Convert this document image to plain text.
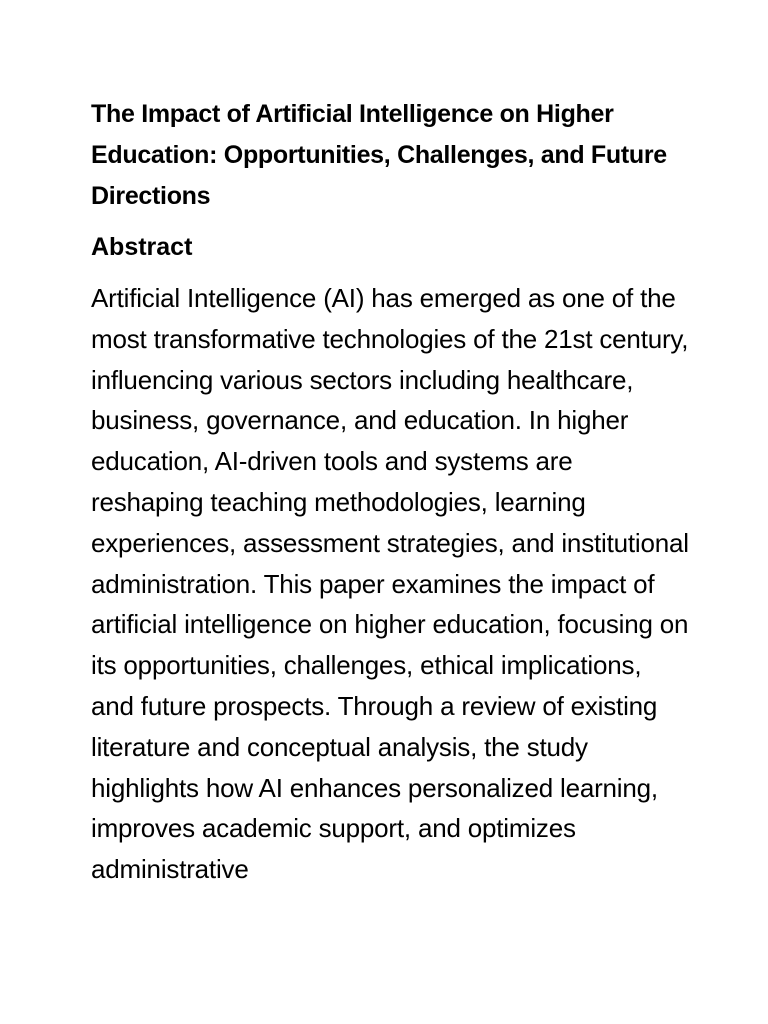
The Impact of Artificial Intelligence on Higher Education: Opportunities, Challenges, and Future Directions
Abstract

Artificial Intelligence (AI) has emerged as one of the most transformative technologies of the 21st century, influencing various sectors including healthcare, business, governance, and education. In higher education, AI-driven tools and systems are reshaping teaching methodologies, learning experiences, assessment strategies, and institutional administration. This paper examines the impact of artificial intelligence on higher education, focusing on its opportunities, challenges, ethical implications, and future prospects. Through a review of existing literature and conceptual analysis, the study highlights how AI enhances personalized learning, improves academic support, and optimizes administrative
